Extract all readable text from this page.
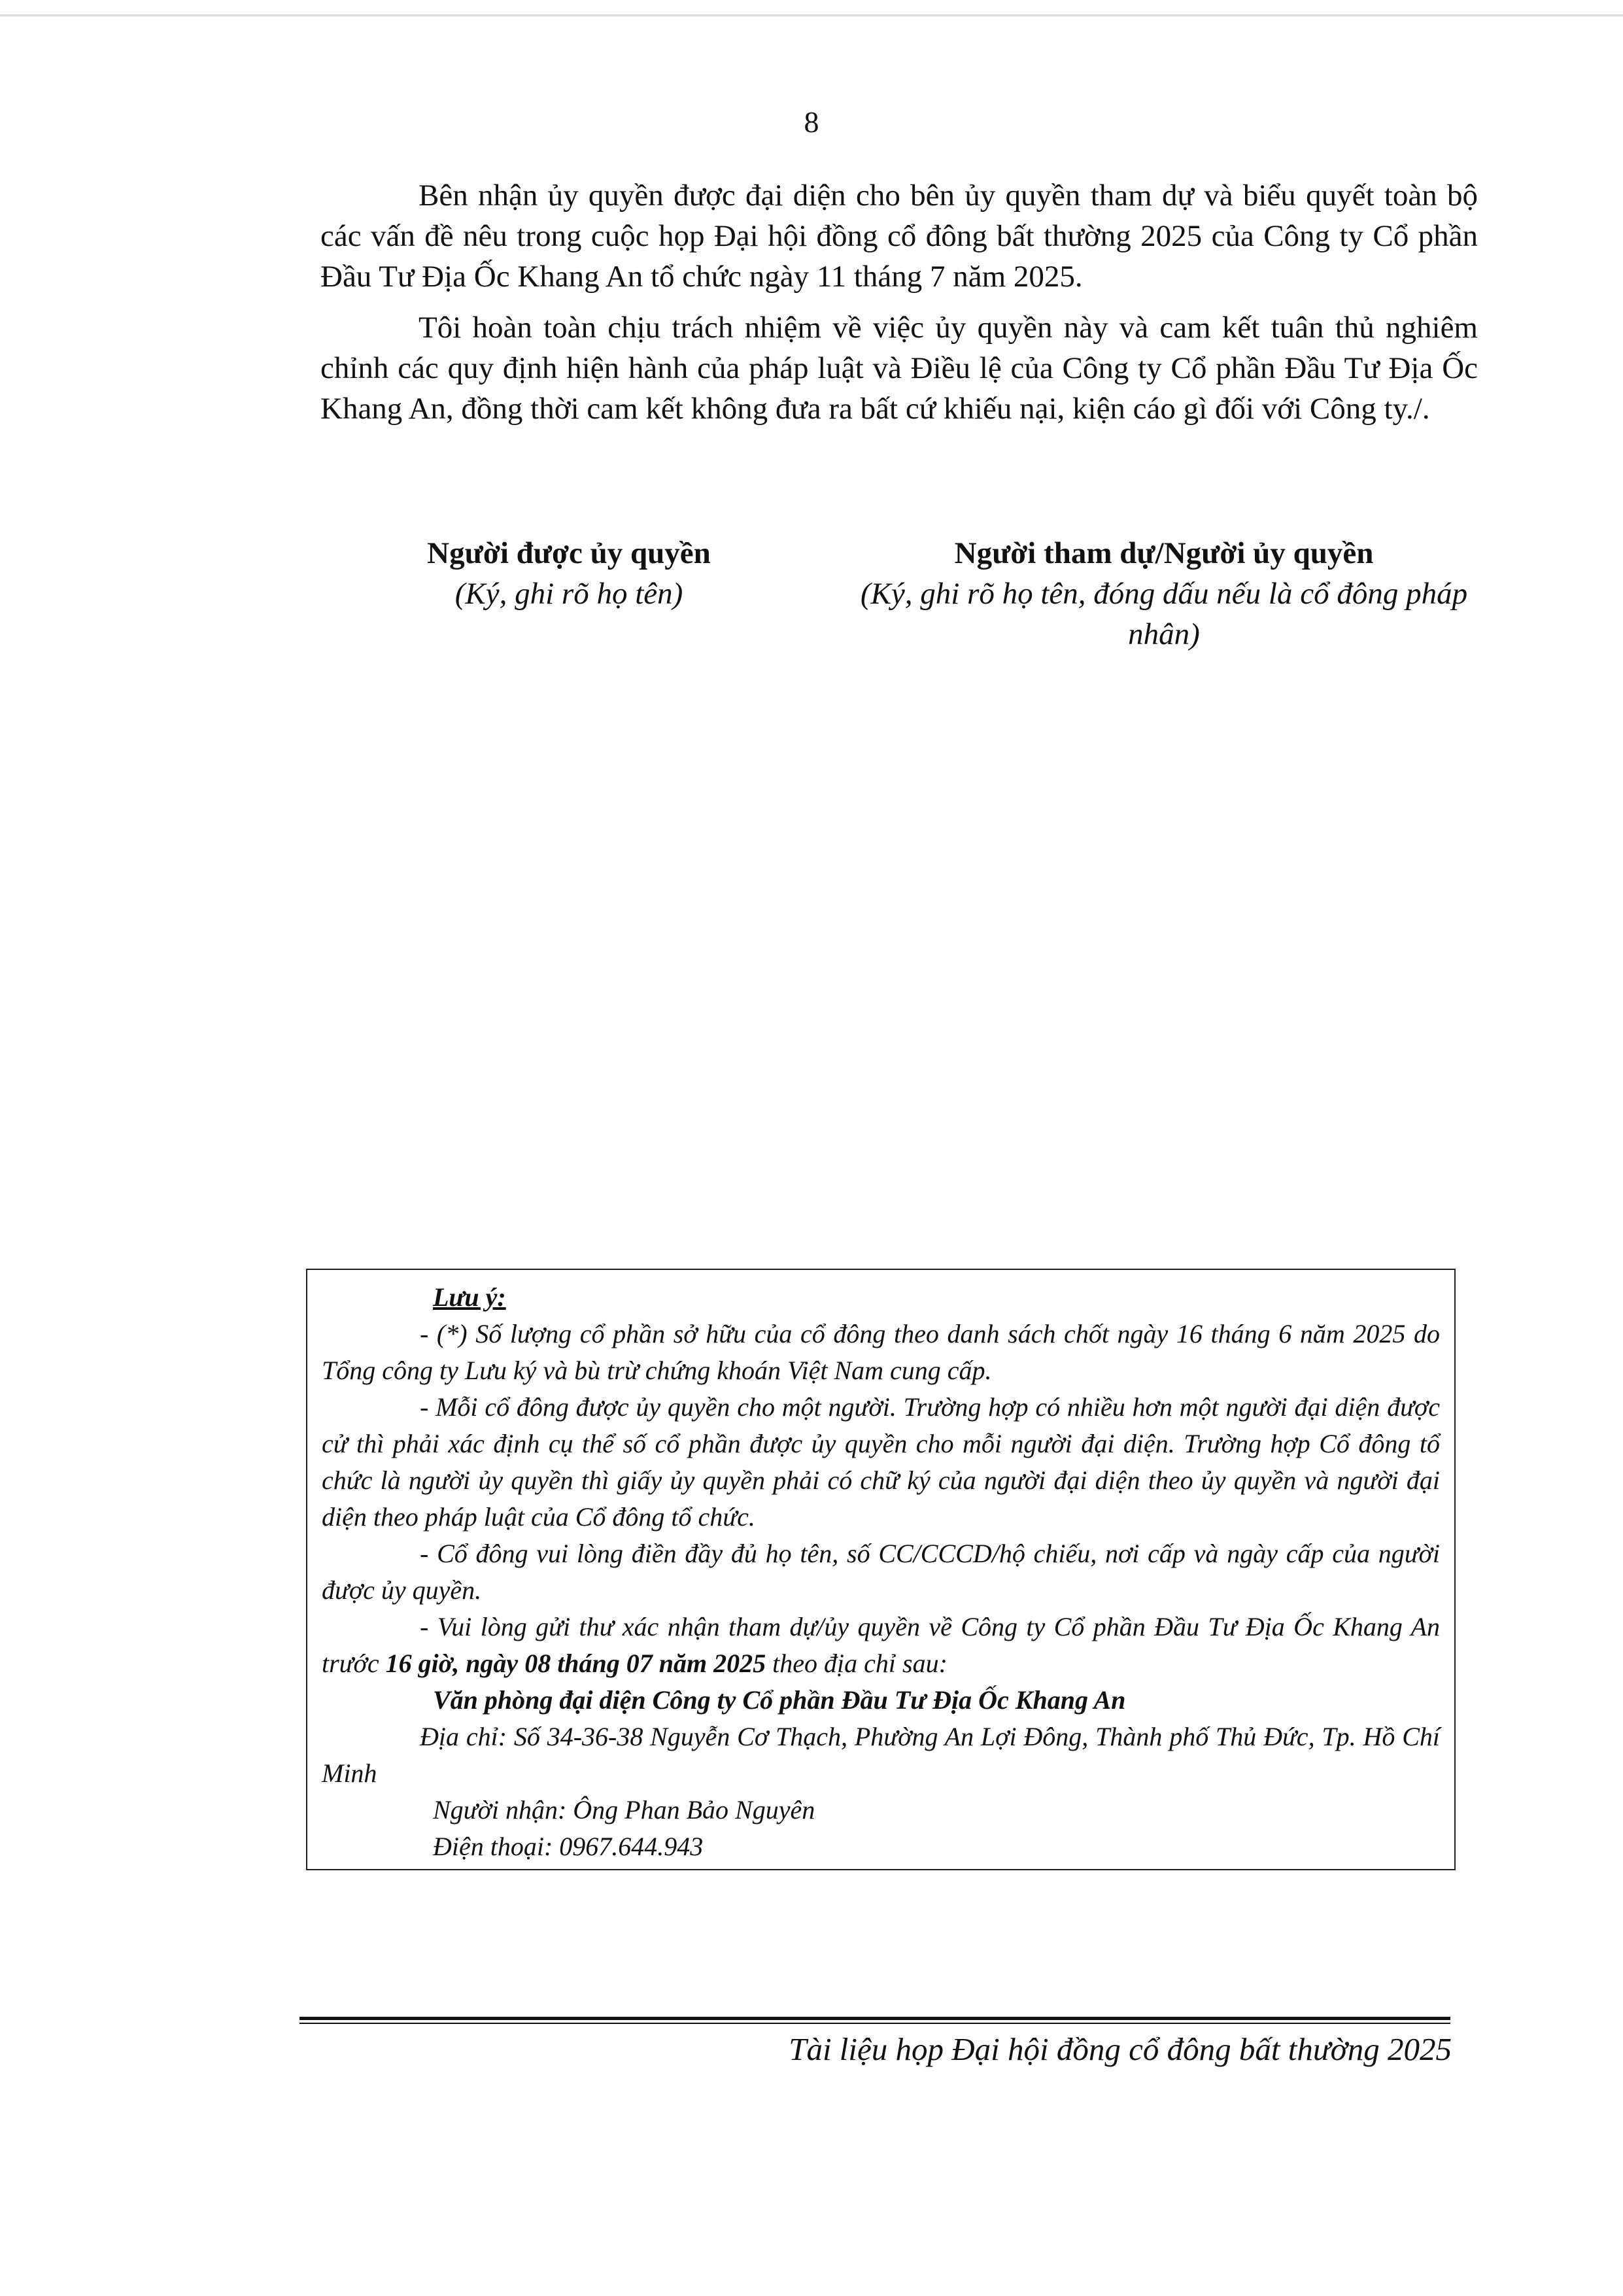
8

Bên nhận ủy quyền được đại diện cho bên ủy quyền tham dự và biểu quyết toàn bộ các vấn đề nêu trong cuộc họp Đại hội đồng cổ đông bất thường 2025 của Công ty Cổ phần Đầu Tư Địa Ốc Khang An tổ chức ngày 11 tháng 7 năm 2025.

Tôi hoàn toàn chịu trách nhiệm về việc ủy quyền này và cam kết tuân thủ nghiêm chỉnh các quy định hiện hành của pháp luật và Điều lệ của Công ty Cổ phần Đầu Tư Địa Ốc Khang An, đồng thời cam kết không đưa ra bất cứ khiếu nại, kiện cáo gì đối với Công ty./.

Người được ủy quyền
(Ký, ghi rõ họ tên)
Người tham dự/Người ủy quyền
(Ký, ghi rõ họ tên, đóng dấu nếu là cổ đông pháp nhân)

Lưu ý:

- (*) Số lượng cổ phần sở hữu của cổ đông theo danh sách chốt ngày 16 tháng 6 năm 2025 do Tổng công ty Lưu ký và bù trừ chứng khoán Việt Nam cung cấp.

- Mỗi cổ đông được ủy quyền cho một người. Trường hợp có nhiều hơn một người đại diện được cử thì phải xác định cụ thể số cổ phần được ủy quyền cho mỗi người đại diện. Trường hợp Cổ đông tổ chức là người ủy quyền thì giấy ủy quyền phải có chữ ký của người đại diện theo ủy quyền và người đại diện theo pháp luật của Cổ đông tổ chức.

- Cổ đông vui lòng điền đầy đủ họ tên, số CC/CCCD/hộ chiếu, nơi cấp và ngày cấp của người được ủy quyền.

- Vui lòng gửi thư xác nhận tham dự/ủy quyền về Công ty Cổ phần Đầu Tư Địa Ốc Khang An trước 16 giờ, ngày 08 tháng 07 năm 2025 theo địa chỉ sau:

Văn phòng đại diện Công ty Cổ phần Đầu Tư Địa Ốc Khang An

Địa chỉ: Số 34-36-38 Nguyễn Cơ Thạch, Phường An Lợi Đông, Thành phố Thủ Đức, Tp. Hồ Chí Minh

Người nhận: Ông Phan Bảo Nguyên

Điện thoại: 0967.644.943

Tài liệu họp Đại hội đồng cổ đông bất thường 2025
